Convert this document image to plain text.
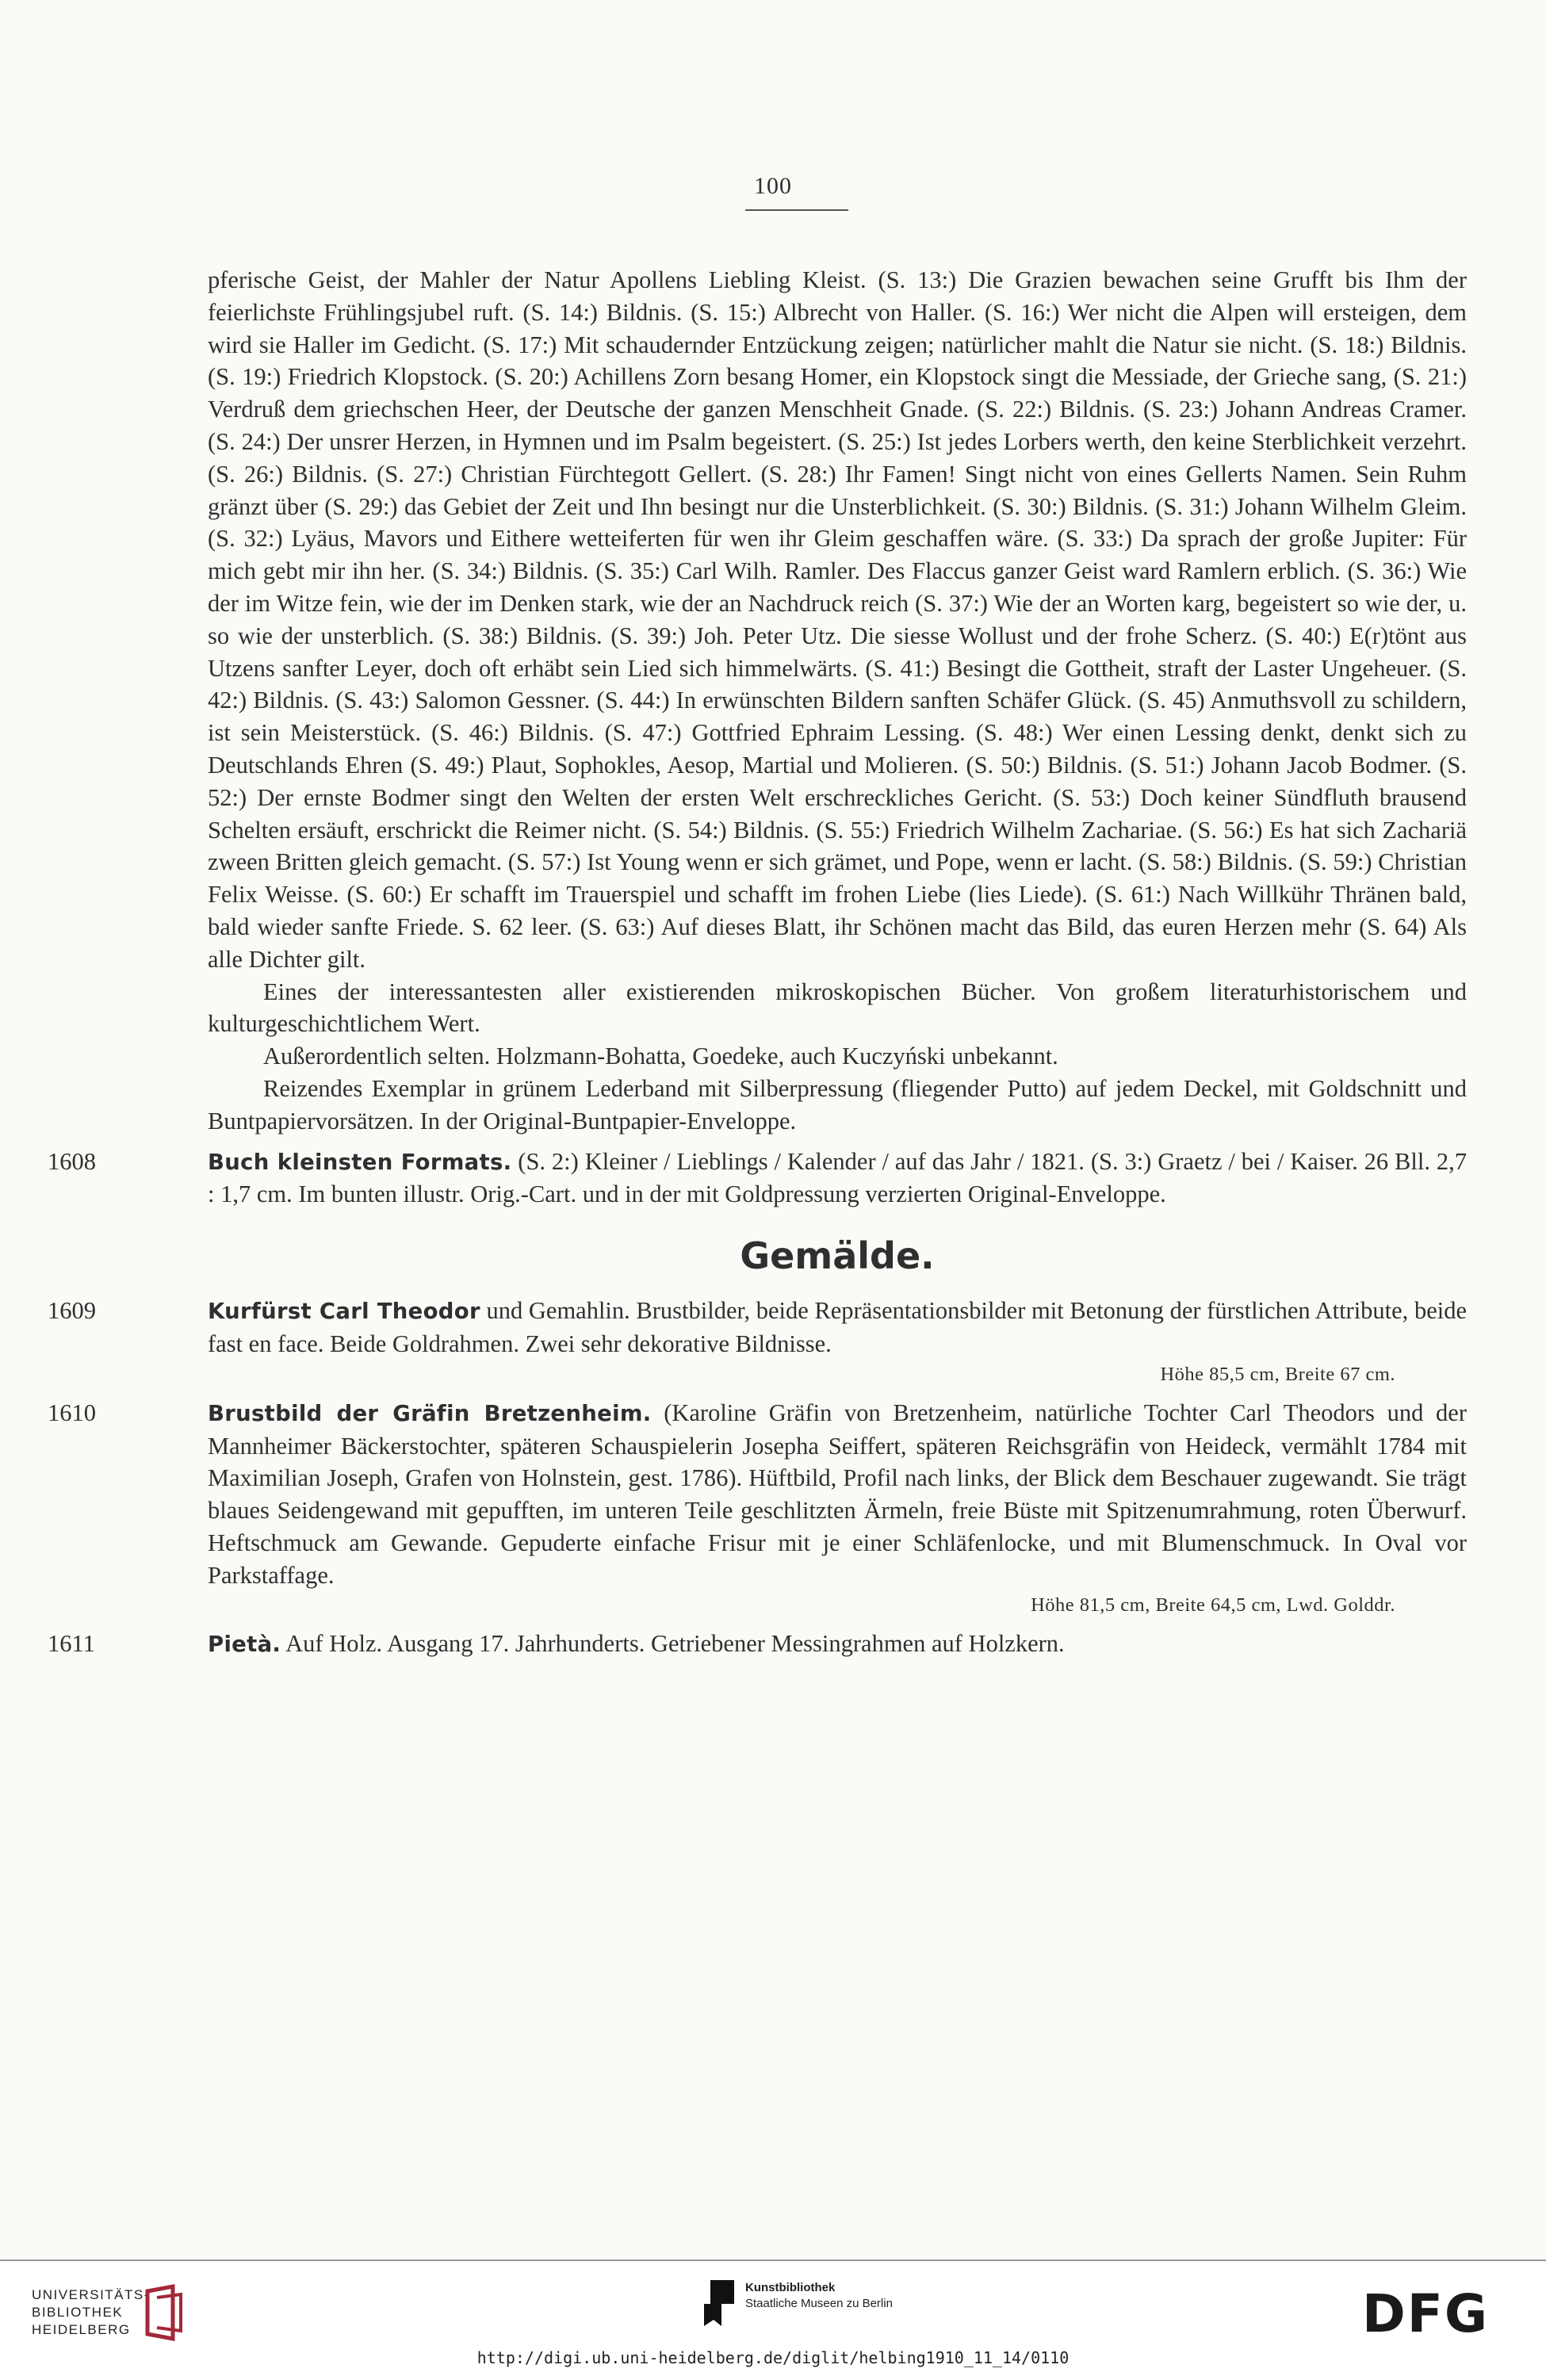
100

pferische Geist, der Mahler der Natur Apollens Liebling Kleist. (S. 13:) Die Grazien bewachen seine Grufft bis Ihm der feierlichste Frühlingsjubel ruft. (S. 14:) Bildnis. (S. 15:) Albrecht von Haller. (S. 16:) Wer nicht die Alpen will ersteigen, dem wird sie Haller im Gedicht. (S. 17:) Mit schaudernder Entzückung zeigen; natürlicher mahlt die Natur sie nicht. (S. 18:) Bildnis. (S. 19:) Friedrich Klopstock. (S. 20:) Achillens Zorn besang Homer, ein Klopstock singt die Messiade, der Grieche sang, (S. 21:) Verdruß dem griechschen Heer, der Deutsche der ganzen Menschheit Gnade. (S. 22:) Bildnis. (S. 23:) Johann Andreas Cramer. (S. 24:) Der unsrer Herzen, in Hymnen und im Psalm begeistert. (S. 25:) Ist jedes Lorbers werth, den keine Sterblichkeit verzehrt. (S. 26:) Bildnis. (S. 27:) Christian Fürchtegott Gellert. (S. 28:) Ihr Famen! Singt nicht von eines Gellerts Namen. Sein Ruhm gränzt über (S. 29:) das Gebiet der Zeit und Ihn besingt nur die Unsterblichkeit. (S. 30:) Bildnis. (S. 31:) Johann Wilhelm Gleim. (S. 32:) Lyäus, Mavors und Eithere wetteiferten für wen ihr Gleim geschaffen wäre. (S. 33:) Da sprach der große Jupiter: Für mich gebt mir ihn her. (S. 34:) Bildnis. (S. 35:) Carl Wilh. Ramler. Des Flaccus ganzer Geist ward Ramlern erblich. (S. 36:) Wie der im Witze fein, wie der im Denken stark, wie der an Nachdruck reich (S. 37:) Wie der an Worten karg, begeistert so wie der, u. so wie der unsterblich. (S. 38:) Bildnis. (S. 39:) Joh. Peter Utz. Die siesse Wollust und der frohe Scherz. (S. 40:) E(r)tönt aus Utzens sanfter Leyer, doch oft erhäbt sein Lied sich himmelwärts. (S. 41:) Besingt die Gottheit, straft der Laster Ungeheuer. (S. 42:) Bildnis. (S. 43:) Salomon Gessner. (S. 44:) In erwünschten Bildern sanften Schäfer Glück. (S. 45) Anmuthsvoll zu schildern, ist sein Meisterstück. (S. 46:) Bildnis. (S. 47:) Gottfried Ephraim Lessing. (S. 48:) Wer einen Lessing denkt, denkt sich zu Deutschlands Ehren (S. 49:) Plaut, Sophokles, Aesop, Martial und Molieren. (S. 50:) Bildnis. (S. 51:) Johann Jacob Bodmer. (S. 52:) Der ernste Bodmer singt den Welten der ersten Welt erschreckliches Gericht. (S. 53:) Doch keiner Sündfluth brausend Schelten ersäuft, erschrickt die Reimer nicht. (S. 54:) Bildnis. (S. 55:) Friedrich Wilhelm Zachariae. (S. 56:) Es hat sich Zachariä zween Britten gleich gemacht. (S. 57:) Ist Young wenn er sich grämet, und Pope, wenn er lacht. (S. 58:) Bildnis. (S. 59:) Christian Felix Weisse. (S. 60:) Er schafft im Trauerspiel und schafft im frohen Liebe (lies Liede). (S. 61:) Nach Willkühr Thränen bald, bald wieder sanfte Friede. S. 62 leer. (S. 63:) Auf dieses Blatt, ihr Schönen macht das Bild, das euren Herzen mehr (S. 64) Als alle Dichter gilt.

Eines der interessantesten aller existierenden mikroskopischen Bücher. Von großem literaturhistorischem und kulturgeschichtlichem Wert.

Außerordentlich selten. Holzmann-Bohatta, Goedeke, auch Kuczyński unbekannt.

Reizendes Exemplar in grünem Lederband mit Silberpressung (fliegender Putto) auf jedem Deckel, mit Goldschnitt und Buntpapiervorsätzen. In der Original-Buntpapier-Enveloppe.

1608	Buch kleinsten Formats. (S. 2:) Kleiner / Lieblings / Kalender / auf das Jahr / 1821. (S. 3:) Graetz / bei / Kaiser. 26 Bll. 2,7 : 1,7 cm. Im bunten illustr. Orig.-Cart. und in der mit Goldpressung verzierten Original-Enveloppe.

Gemälde.

1609	Kurfürst Carl Theodor und Gemahlin. Brustbilder, beide Repräsentationsbilder mit Betonung der fürstlichen Attribute, beide fast en face. Beide Goldrahmen. Zwei sehr dekorative Bildnisse.

Höhe 85,5 cm, Breite 67 cm.

1610	Brustbild der Gräfin Bretzenheim. (Karoline Gräfin von Bretzenheim, natürliche Tochter Carl Theodors und der Mannheimer Bäckerstochter, späteren Schauspielerin Josepha Seiffert, späteren Reichsgräfin von Heideck, vermählt 1784 mit Maximilian Joseph, Grafen von Holnstein, gest. 1786). Hüftbild, Profil nach links, der Blick dem Beschauer zugewandt. Sie trägt blaues Seidengewand mit gepufften, im unteren Teile geschlitzten Ärmeln, freie Büste mit Spitzenumrahmung, roten Überwurf. Heftschmuck am Gewande. Gepuderte einfache Frisur mit je einer Schläfenlocke, und mit Blumenschmuck. In Oval vor Parkstaffage.

Höhe 81,5 cm, Breite 64,5 cm, Lwd. Golddr.

1611	Pietà. Auf Holz. Ausgang 17. Jahrhunderts. Getriebener Messingrahmen auf Holzkern.

UNIVERSITÄTS-
BIBLIOTHEK
HEIDELBERG
Kunstbibliothek
Staatliche Museen zu Berlin	DFG
http://digi.ub.uni-heidelberg.de/diglit/helbing1910_11_14/0110
